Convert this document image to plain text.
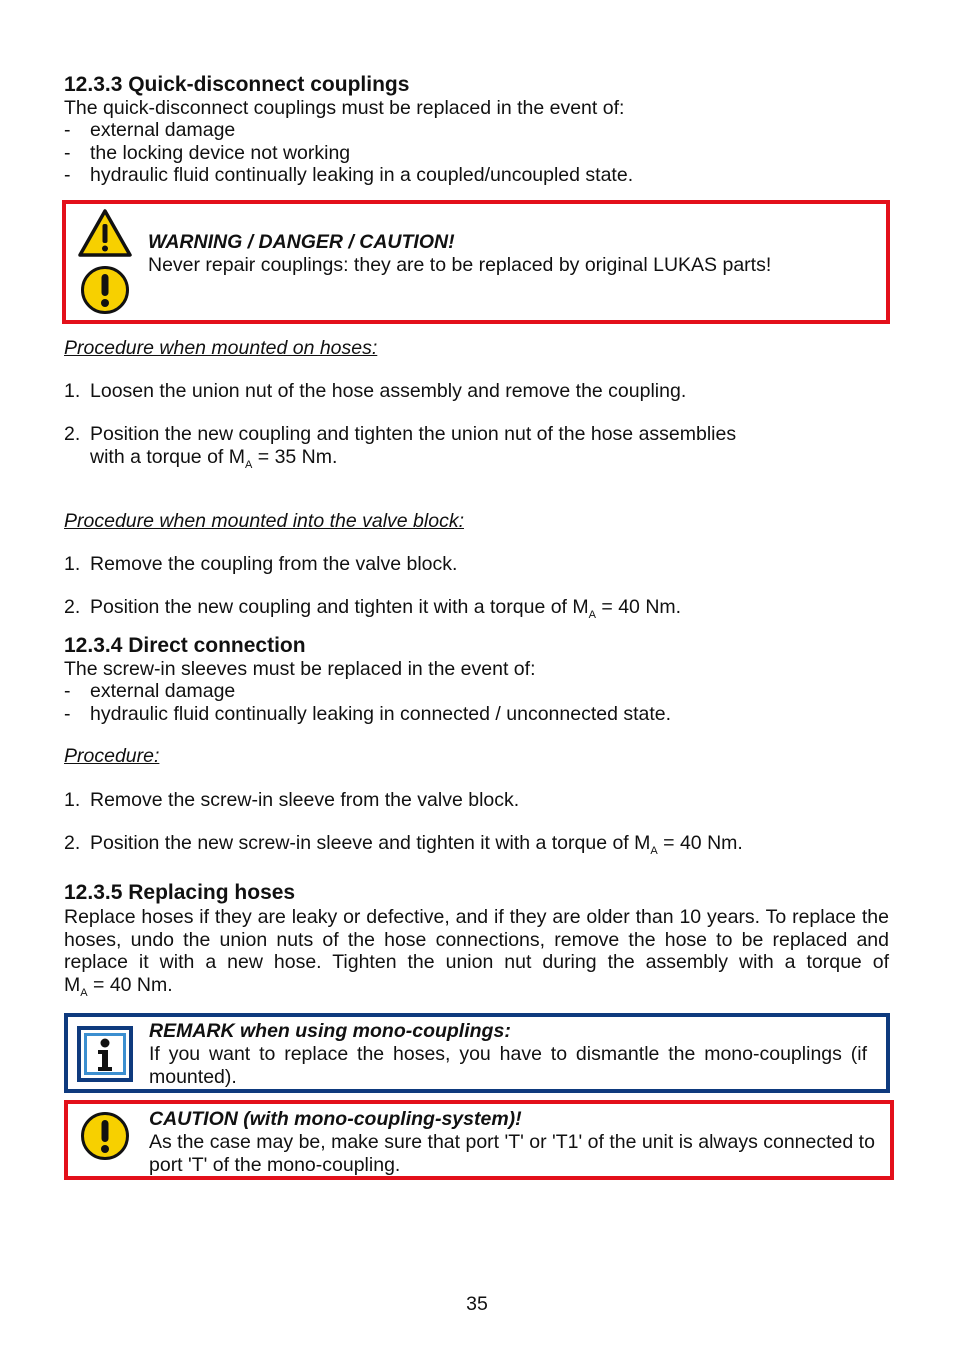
12.3.3 Quick-disconnect couplings
The quick-disconnect couplings must be replaced in the event of:
-	external damage
-	the locking device not working
-	hydraulic fluid continually leaking in a coupled/uncoupled state.
WARNING / DANGER / CAUTION!
Never repair couplings: they are to be replaced by original LUKAS parts!
Procedure when mounted on hoses:
1. Loosen the union nut of the hose assembly and remove the coupling.
2. Position the new coupling and tighten the union nut of the hose assemblies
with a torque of $M_A = 35$ Nm.
Procedure when mounted into the valve block:
1. Remove the coupling from the valve block.
2. Position the new coupling and tighten it with a torque of $M_A = 40$ Nm.
12.3.4 Direct connection
The screw-in sleeves must be replaced in the event of:
-	external damage
-	hydraulic fluid continually leaking in connected / unconnected state.
Procedure:
1. Remove the screw-in sleeve from the valve block.
2. Position the new screw-in sleeve and tighten it with a torque of $M_A = 40$ Nm.
12.3.5 Replacing hoses
Replace hoses if they are leaky or defective, and if they are older than 10 years. To replace the hoses, undo the union nuts of the hose connections, remove the hose to be replaced and replace it with a new hose. Tighten the union nut during the assembly with a torque of
$M_A = 40$ Nm.
REMARK when using mono-couplings:
If you want to replace the hoses, you have to dismantle the mono-couplings (if mounted).
CAUTION (with mono-coupling-system)!
As the case may be, make sure that port 'T' or 'T1' of the unit is always connected to port 'T' of the mono-coupling.
35
